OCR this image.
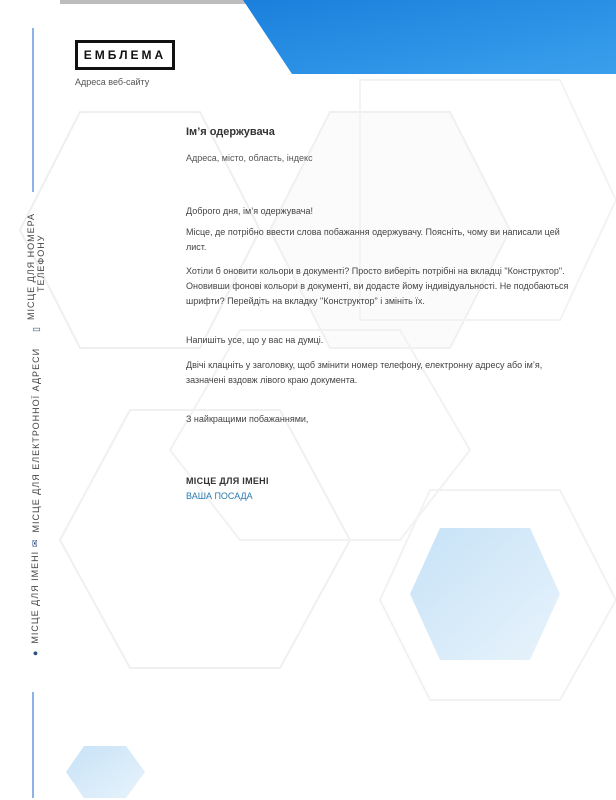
ЕМБЛЕМА
Адреса веб-сайту
▯
МІСЦЕ ДЛЯ НОМЕРА ТЕЛЕФОНУ
✉
МІСЦЕ ДЛЯ ЕЛЕКТРОННОЇ АДРЕСИ
●
МІСЦЕ ДЛЯ ІМЕНІ
Ім’я одержувача
Адреса, місто, область, індекс
Доброго дня, ім’я одержувача!
Місце, де потрібно ввести слова побажання одержувачу. Поясніть, чому ви написали цей лист.
Хотіли б оновити кольори в документі? Просто виберіть потрібні на вкладці "Конструктор". Оновивши фонові кольори в документі, ви додасте йому індивідуальності. Не подобаються шрифти? Перейдіть на вкладку "Конструктор" і змініть їх.
Напишіть усе, що у вас на думці.
Двічі клацніть у заголовку, щоб змінити номер телефону, електронну адресу або ім’я, зазначені вздовж лівого краю документа.
З найкращими побажаннями,
МІСЦЕ ДЛЯ ІМЕНІ
ВАША ПОСАДА
